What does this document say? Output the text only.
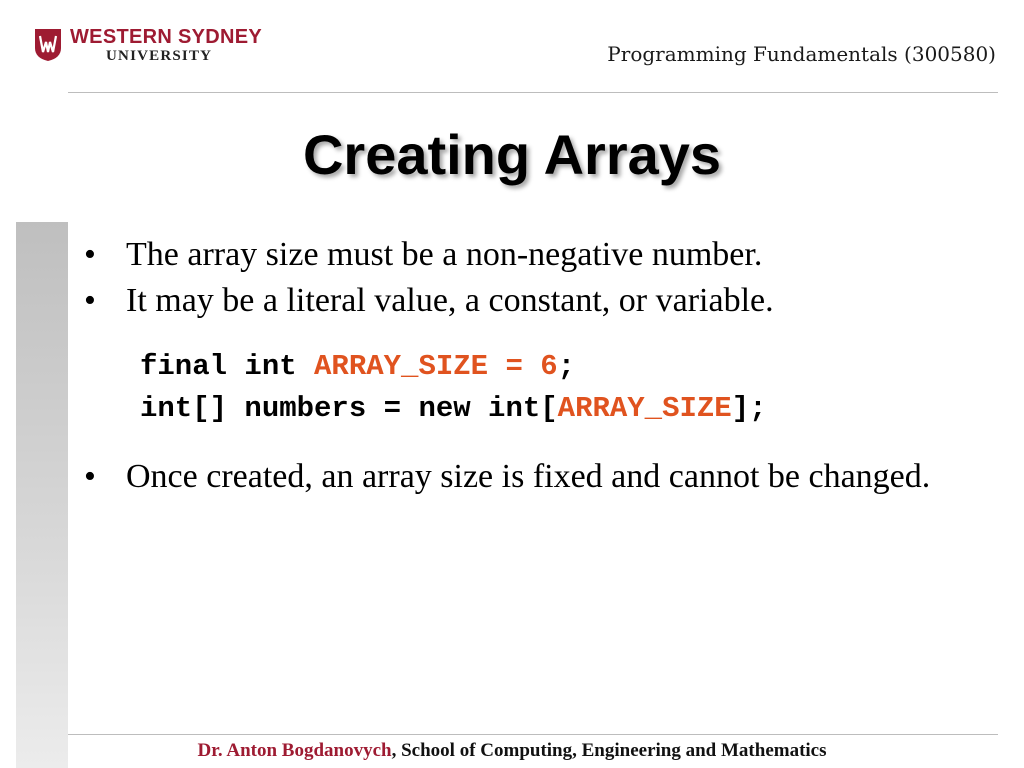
WESTERN SYDNEY
UNIVERSITY	Programming Fundamentals (300580)
Creating Arrays
• The array size must be a non-negative number.
• It may be a literal value, a constant, or variable.
final int ARRAY_SIZE = 6;
int[] numbers = new int[ARRAY_SIZE];
• Once created, an array size is fixed and cannot be changed.
Dr. Anton Bogdanovych, School of Computing, Engineering and Mathematics
